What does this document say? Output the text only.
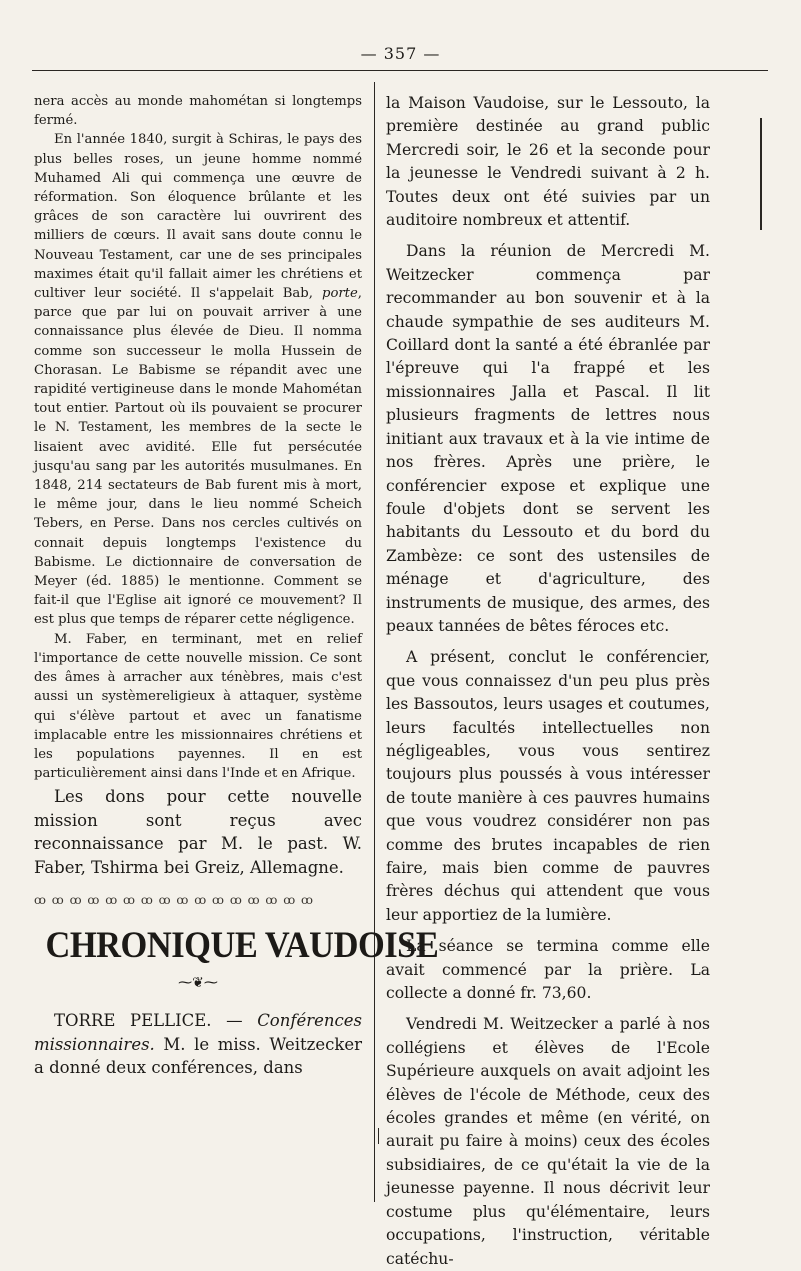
— 357 —

nera accès au monde mahométan si longtemps fermé.

En l'année 1840, surgit à Schiras, le pays des plus belles roses, un jeune homme nommé Muhamed Ali qui commença une œuvre de réformation. Son éloquence brûlante et les grâces de son caractère lui ouvrirent des milliers de cœurs. Il avait sans doute connu le Nouveau Testament, car une de ses principales maximes était qu'il fallait aimer les chrétiens et cultiver leur société. Il s'appelait Bab, porte, parce que par lui on pouvait arriver à une connaissance plus élevée de Dieu. Il nomma comme son successeur le molla Hussein de Chorasan. Le Babisme se répandit avec une rapidité vertigineuse dans le monde Mahométan tout entier. Partout où ils pouvaient se procurer le N. Testament, les membres de la secte le lisaient avec avidité. Elle fut persécutée jusqu'au sang par les autorités musulmanes. En 1848, 214 sectateurs de Bab furent mis à mort, le même jour, dans le lieu nommé Scheich Tebers, en Perse. Dans nos cercles cultivés on connait depuis longtemps l'existence du Babisme. Le dictionnaire de conversation de Meyer (éd. 1885) le mentionne. Comment se fait-il que l'Eglise ait ignoré ce mouvement? Il est plus que temps de réparer cette négligence.

M. Faber, en terminant, met en relief l'importance de cette nouvelle mission. Ce sont des âmes à arracher aux ténèbres, mais c'est aussi un systèmereligieux à attaquer, système qui s'élève partout et avec un fanatisme implacable entre les missionnaires chrétiens et les populations payennes. Il en est particulièrement ainsi dans l'Inde et en Afrique.

Les dons pour cette nouvelle mission sont reçus avec reconnaissance par M. le past. W. Faber, Tshirma bei Greiz, Allemagne.

ꝏ ꝏ ꝏ ꝏ ꝏ ꝏ ꝏ ꝏ ꝏ ꝏ ꝏ ꝏ ꝏ ꝏ ꝏ ꝏ
CHRONIQUE VAUDOISE
⁓❦⁓

TORRE PELLICE. — Conférences missionnaires. M. le miss. Weitzecker a donné deux conférences, dans

la Maison Vaudoise, sur le Lessouto, la première destinée au grand public Mercredi soir, le 26 et la seconde pour la jeunesse le Vendredi suivant à 2 h. Toutes deux ont été suivies par un auditoire nombreux et attentif.

Dans la réunion de Mercredi M. Weitzecker commença par recommander au bon souvenir et à la chaude sympathie de ses auditeurs M. Coillard dont la santé a été ébranlée par l'épreuve qui l'a frappé et les missionnaires Jalla et Pascal. Il lit plusieurs fragments de lettres nous initiant aux travaux et à la vie intime de nos frères. Après une prière, le conférencier expose et explique une foule d'objets dont se servent les habitants du Lessouto et du bord du Zambèze: ce sont des ustensiles de ménage et d'agriculture, des instruments de musique, des armes, des peaux tannées de bêtes féroces etc.

A présent, conclut le conférencier, que vous connaissez d'un peu plus près les Bassoutos, leurs usages et coutumes, leurs facultés intellectuelles non négligeables, vous vous sentirez toujours plus poussés à vous intéresser de toute manière à ces pauvres humains que vous voudrez considérer non pas comme des brutes incapables de rien faire, mais bien comme de pauvres frères déchus qui attendent que vous leur apportiez de la lumière.

La séance se termina comme elle avait commencé par la prière. La collecte a donné fr. 73,60.

Vendredi M. Weitzecker a parlé à nos collégiens et élèves de l'Ecole Supérieure auxquels on avait adjoint les élèves de l'école de Méthode, ceux des écoles grandes et même (en vérité, on aurait pu faire à moins) ceux des écoles subsidiaires, de ce qu'était la vie de la jeunesse payenne. Il nous décrivit leur costume plus qu'élémentaire, leurs occupations, l'instruction, véritable catéchu-
